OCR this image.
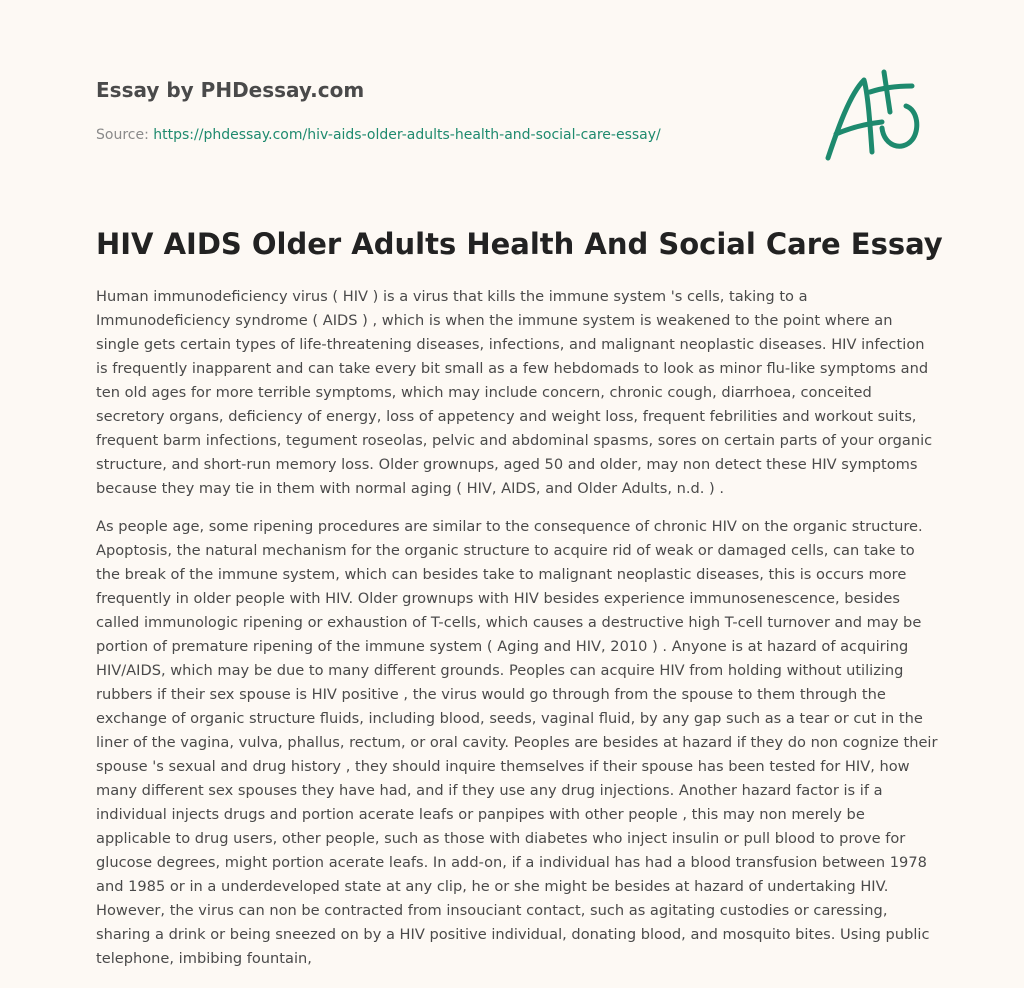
Essay by PHDessay.com
Source: https://phdessay.com/hiv-aids-older-adults-health-and-social-care-essay/
HIV AIDS Older Adults Health And Social Care Essay

Human immunodeficiency virus ( HIV ) is a virus that kills the immune system 's cells, taking to a Immunodeficiency syndrome ( AIDS ) , which is when the immune system is weakened to the point where an single gets certain types of life-threatening diseases, infections, and malignant neoplastic diseases. HIV infection is frequently inapparent and can take every bit small as a few hebdomads to look as minor flu-like symptoms and ten old ages for more terrible symptoms, which may include concern, chronic cough, diarrhoea, conceited secretory organs, deficiency of energy, loss of appetency and weight loss, frequent febrilities and workout suits, frequent barm infections, tegument roseolas, pelvic and abdominal spasms, sores on certain parts of your organic structure, and short-run memory loss. Older grownups, aged 50 and older, may non detect these HIV symptoms because they may tie in them with normal aging ( HIV, AIDS, and Older Adults, n.d. ) .

As people age, some ripening procedures are similar to the consequence of chronic HIV on the organic structure. Apoptosis, the natural mechanism for the organic structure to acquire rid of weak or damaged cells, can take to the break of the immune system, which can besides take to malignant neoplastic diseases, this is occurs more frequently in older people with HIV. Older grownups with HIV besides experience immunosenescence, besides called immunologic ripening or exhaustion of T-cells, which causes a destructive high T-cell turnover and may be portion of premature ripening of the immune system ( Aging and HIV, 2010 ) . Anyone is at hazard of acquiring HIV/AIDS, which may be due to many different grounds. Peoples can acquire HIV from holding without utilizing rubbers if their sex spouse is HIV positive , the virus would go through from the spouse to them through the exchange of organic structure fluids, including blood, seeds, vaginal fluid, by any gap such as a tear or cut in the liner of the vagina, vulva, phallus, rectum, or oral cavity. Peoples are besides at hazard if they do non cognize their spouse 's sexual and drug history , they should inquire themselves if their spouse has been tested for HIV, how many different sex spouses they have had, and if they use any drug injections. Another hazard factor is if a individual injects drugs and portion acerate leafs or panpipes with other people , this may non merely be applicable to drug users, other people, such as those with diabetes who inject insulin or pull blood to prove for glucose degrees, might portion acerate leafs. In add-on, if a individual has had a blood transfusion between 1978 and 1985 or in a underdeveloped state at any clip, he or she might be besides at hazard of undertaking HIV. However, the virus can non be contracted from insouciant contact, such as agitating custodies or caressing, sharing a drink or being sneezed on by a HIV positive individual, donating blood, and mosquito bites. Using public telephone, imbibing fountain,
